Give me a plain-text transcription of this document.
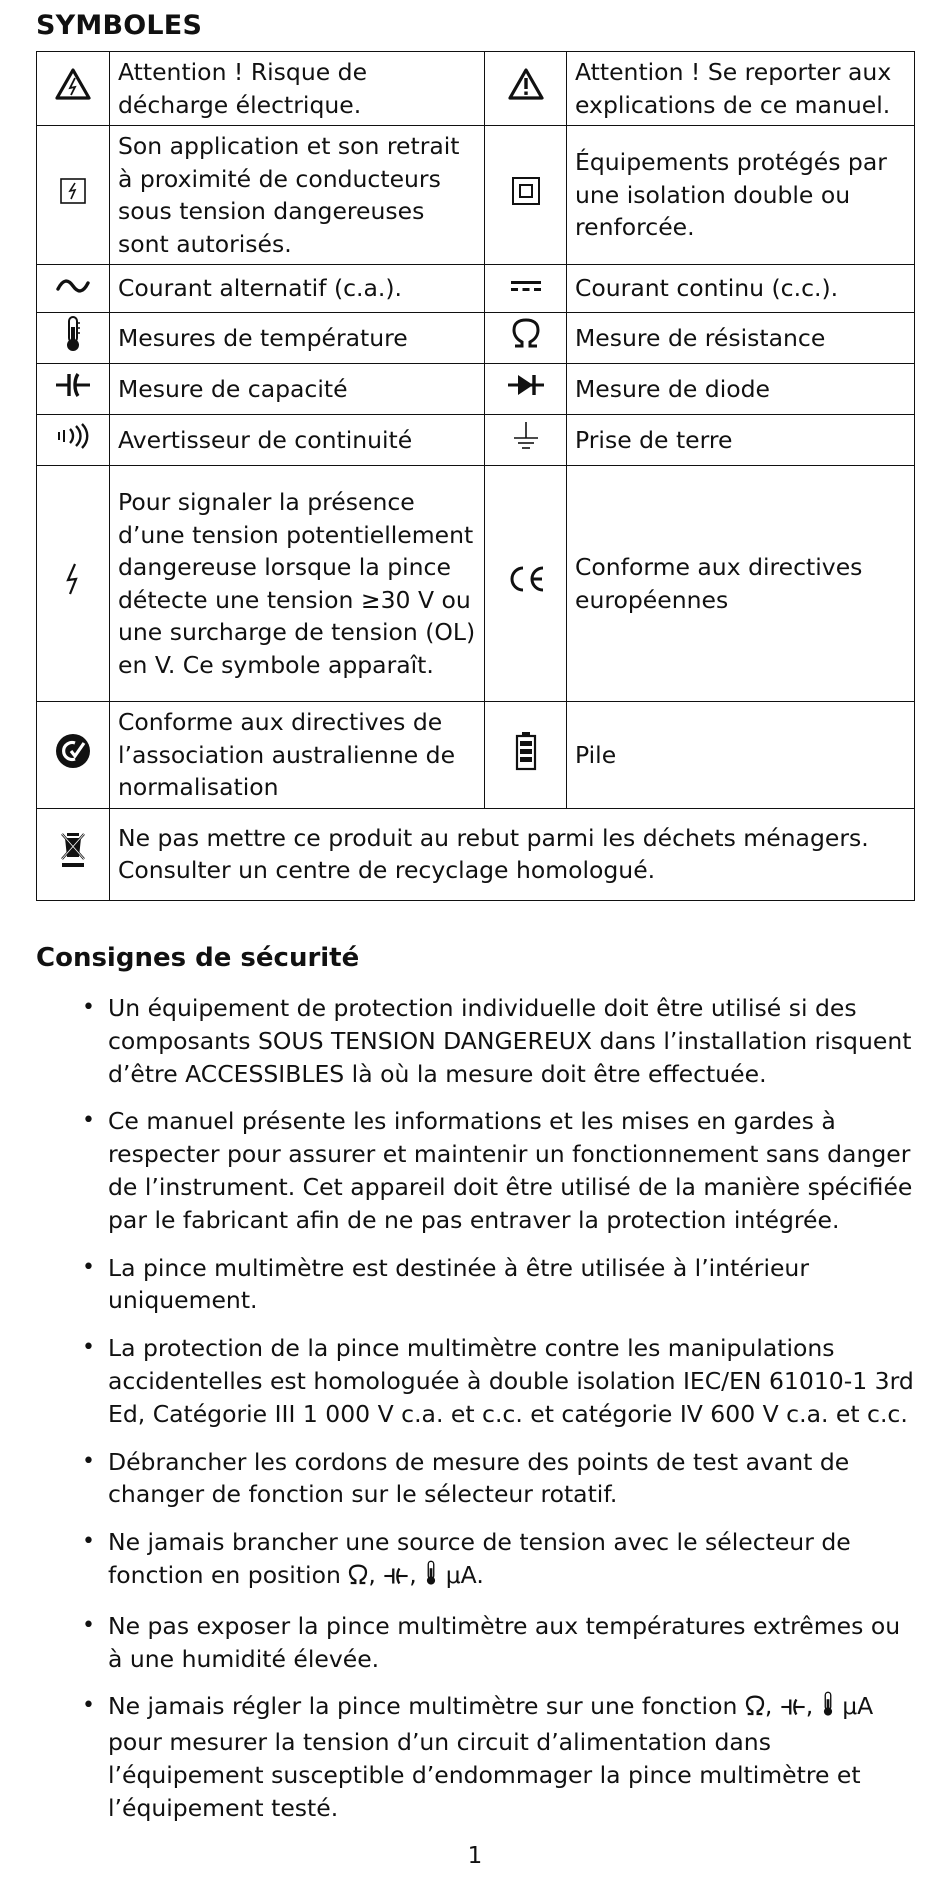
SYMBOLES
	Attention ! Risque de décharge électrique.		Attention ! Se reporter aux explications de ce manuel.

	Son application et son retrait à proximité de conducteurs sous tension dangereuses sont autorisés.		Équipements protégés par une isolation double ou renforcée.

	Courant alternatif (c.a.).		Courant continu (c.c.).

	Mesures de température		Mesure de résistance

	Mesure de capacité		Mesure de diode

	Avertisseur de continuité		Prise de terre

	Pour signaler la présence d’une tension potentiellement dangereuse lorsque la pince détecte une tension ≥30 V ou une surcharge de tension (OL) en V. Ce symbole apparaît.		Conforme aux directives européennes

	Conforme aux directives de l’association australienne de normalisation		Pile

	Ne pas mettre ce produit au rebut parmi les déchets ménagers. Consulter un centre de recyclage homologué.		
Consignes de sécurité
• Un équipement de protection individuelle doit être utilisé si des composants SOUS TENSION DANGEREUX dans l’installation risquent d’être ACCESSIBLES là où la mesure doit être effectuée.
• Ce manuel présente les informations et les mises en gardes à respecter pour assurer et maintenir un fonctionnement sans danger de l’instrument. Cet appareil doit être utilisé de la manière spécifiée par le fabricant afin de ne pas entraver la protection intégrée.
• La pince multimètre est destinée à être utilisée à l’intérieur uniquement.
• La protection de la pince multimètre contre les manipulations accidentelles est homologuée à double isolation IEC/EN 61010-1 3rd Ed, Catégorie III 1 000 V c.a. et c.c. et catégorie IV 600 V c.a. et c.c.
• Débrancher les cordons de mesure des points de test avant de changer de fonction sur le sélecteur rotatif.
• Ne jamais brancher une source de tension avec le sélecteur de fonction en position , ,  μA.
• Ne pas exposer la pince multimètre aux températures extrêmes ou à une humidité élevée.
• Ne jamais régler la pince multimètre sur une fonction , ,  μA pour mesurer la tension d’un circuit d’alimentation dans l’équipement susceptible d’endommager la pince multimètre et l’équipement testé.
1
